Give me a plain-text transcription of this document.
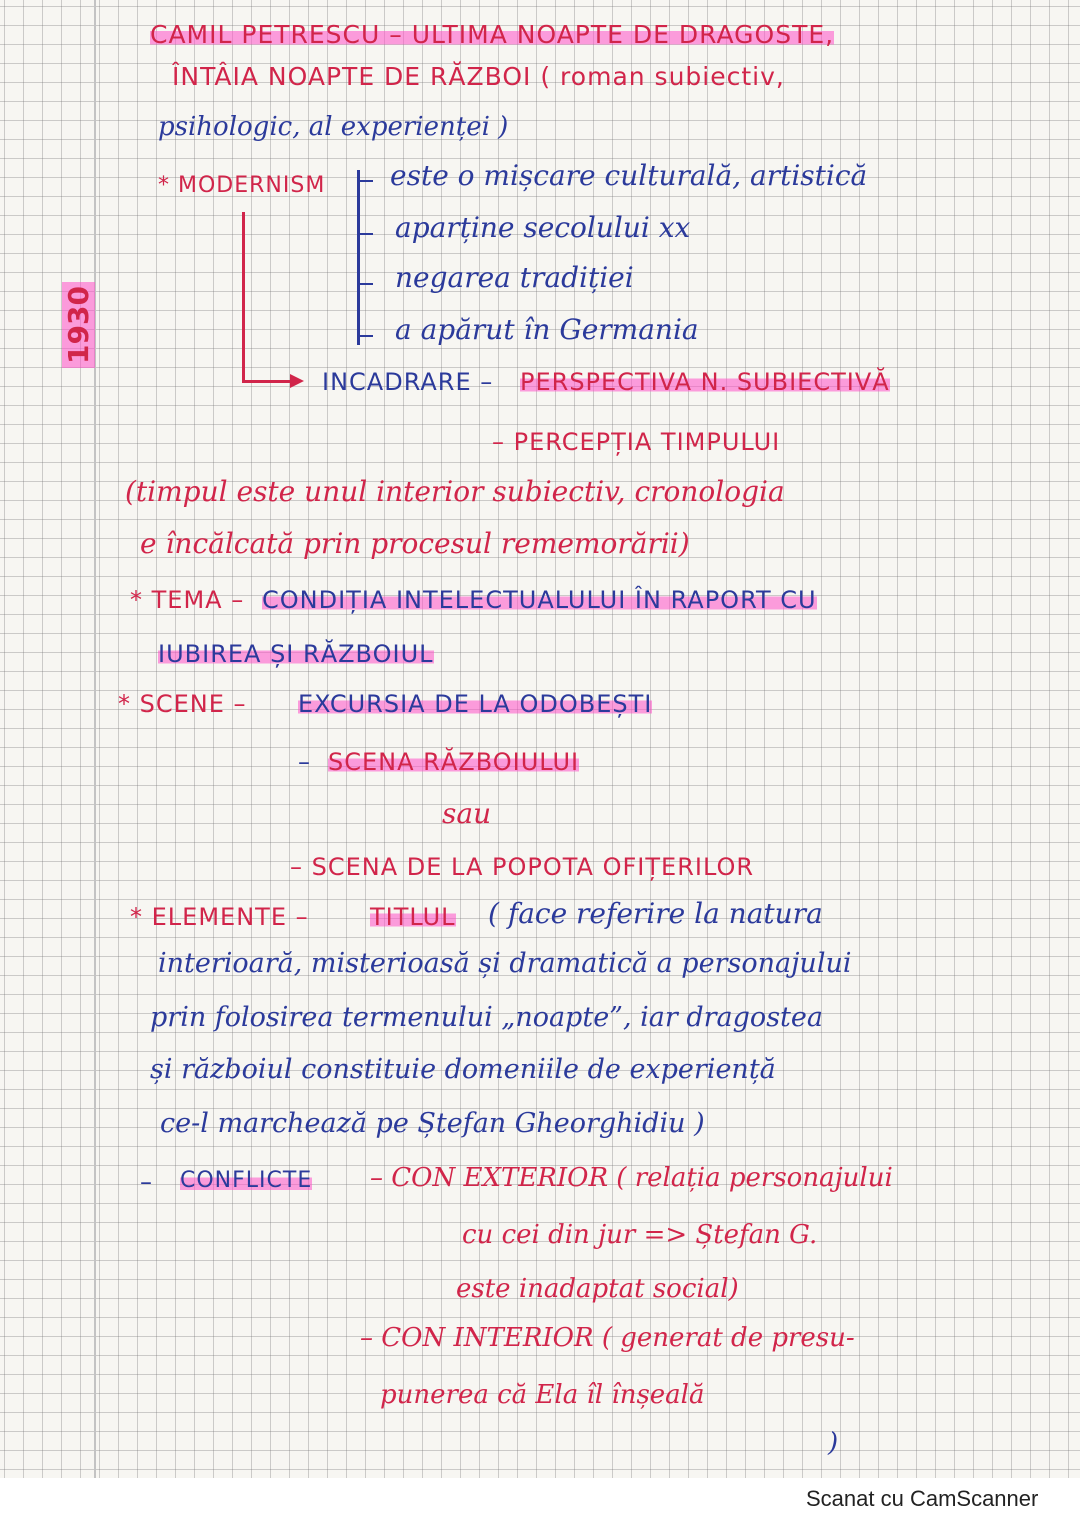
1930
CAMIL PETRESCU – ULTIMA NOAPTE DE DRAGOSTE,
ÎNTÂIA NOAPTE DE RĂZBOI ( roman subiectiv,
psihologic, al experienței )
* MODERNISM este o mișcare culturală, artistică
aparține secolului xx
negarea tradiției
a apărut în Germania
INCADRARE – PERSPECTIVA N. SUBIECTIVĂ
– PERCEPȚIA TIMPULUI
(timpul este unul interior subiectiv, cronologia
e încălcată prin procesul rememorării)
* TEMA – CONDIȚIA INTELECTUALULUI ÎN RAPORT CU
IUBIREA ȘI RĂZBOIUL
* SCENE – EXCURSIA DE LA ODOBEȘTI
– SCENA RĂZBOIULUI
sau
– SCENA DE LA POPOTA OFIȚERILOR
* ELEMENTE –	TITLUL ( face referire la natura
interioară, misterioasă și dramatică a personajului
prin folosirea termenului „noapte”, iar dragostea
și războiul constituie domeniile de experiență
ce-l marchează pe Ștefan Gheorghidiu )
– CONFLICTE – CON EXTERIOR ( relația personajului
cu cei din jur => Ștefan G.
este inadaptat social)
– CON INTERIOR ( generat de presu-
punerea că Ela îl înșeală
)
Scanat cu CamScanner
